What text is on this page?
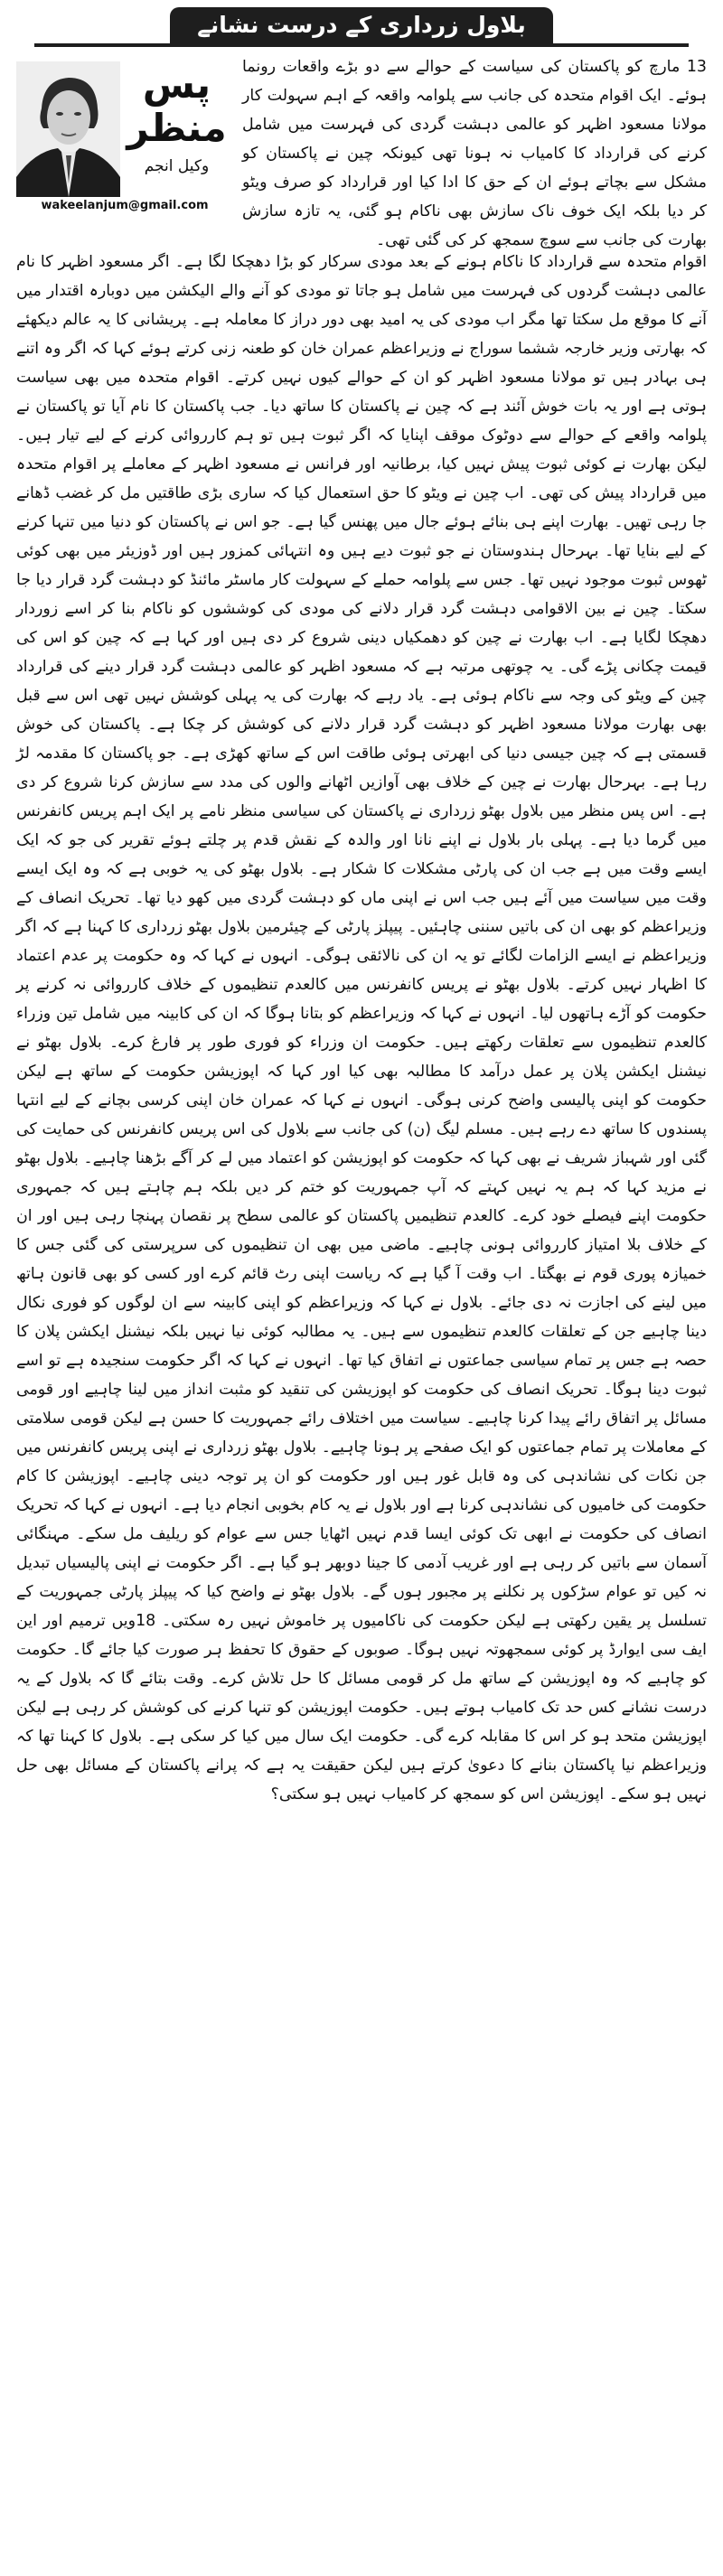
بلاول زرداری کے درست نشانے
پس منظر
وکیل انجم
wakeelanjum@gmail.com

13 مارچ کو پاکستان کی سیاست کے حوالے سے دو بڑے واقعات رونما ہوئے۔ ایک اقوام متحدہ کی جانب سے پلوامہ واقعہ کے اہم سہولت کار مولانا مسعود اظہر کو عالمی دہشت گردی کی فہرست میں شامل کرنے کی قرارداد کا کامیاب نہ ہونا تھی کیونکہ چین نے پاکستان کو مشکل سے بچاتے ہوئے ان کے حق کا ادا کیا اور قرارداد کو صرف ویٹو کر دیا بلکہ ایک خوف ناک سازش بھی ناکام ہو گئی، یہ تازہ سازش بھارت کی جانب سے سوچ سمجھ کر کی گئی تھی۔

اقوام متحدہ سے قرارداد کا ناکام ہونے کے بعد مودی سرکار کو بڑا دھچکا لگا ہے۔ اگر مسعود اظہر کا نام عالمی دہشت گردوں کی فہرست میں شامل ہو جاتا تو مودی کو آنے والے الیکشن میں دوبارہ اقتدار میں آنے کا موقع مل سکتا تھا مگر اب مودی کی یہ امید بھی دور دراز کا معاملہ ہے۔ پریشانی کا یہ عالم دیکھئے کہ بھارتی وزیر خارجہ ششما سوراج نے وزیراعظم عمران خان کو طعنہ زنی کرتے ہوئے کہا کہ اگر وہ اتنے ہی بہادر ہیں تو مولانا مسعود اظہر کو ان کے حوالے کیوں نہیں کرتے۔ اقوام متحدہ میں بھی سیاست ہوتی ہے اور یہ بات خوش آئند ہے کہ چین نے پاکستان کا ساتھ دیا۔ جب پاکستان کا نام آیا تو پاکستان نے پلوامہ واقعے کے حوالے سے دوٹوک موقف اپنایا کہ اگر ثبوت ہیں تو ہم کارروائی کرنے کے لیے تیار ہیں۔ لیکن بھارت نے کوئی ثبوت پیش نہیں کیا، برطانیہ اور فرانس نے مسعود اظہر کے معاملے پر اقوام متحدہ میں قرارداد پیش کی تھی۔ اب چین نے ویٹو کا حق استعمال کیا کہ ساری بڑی طاقتیں مل کر غضب ڈھانے جا رہی تھیں۔ بھارت اپنے ہی بنائے ہوئے جال میں پھنس گیا ہے۔ جو اس نے پاکستان کو دنیا میں تنہا کرنے کے لیے بنایا تھا۔ بہرحال ہندوستان نے جو ثبوت دیے ہیں وہ انتہائی کمزور ہیں اور ڈوزیئر میں بھی کوئی ٹھوس ثبوت موجود نہیں تھا۔ جس سے پلوامہ حملے کے سہولت کار ماسٹر مائنڈ کو دہشت گرد قرار دیا جا سکتا۔ چین نے بین الاقوامی دہشت گرد قرار دلانے کی مودی کی کوششوں کو ناکام بنا کر اسے زوردار دھچکا لگایا ہے۔ اب بھارت نے چین کو دھمکیاں دینی شروع کر دی ہیں اور کہا ہے کہ چین کو اس کی قیمت چکانی پڑے گی۔ یہ چوتھی مرتبہ ہے کہ مسعود اظہر کو عالمی دہشت گرد قرار دینے کی قرارداد چین کے ویٹو کی وجہ سے ناکام ہوئی ہے۔ یاد رہے کہ بھارت کی یہ پہلی کوشش نہیں تھی اس سے قبل بھی بھارت مولانا مسعود اظہر کو دہشت گرد قرار دلانے کی کوشش کر چکا ہے۔ پاکستان کی خوش قسمتی ہے کہ چین جیسی دنیا کی ابھرتی ہوئی طاقت اس کے ساتھ کھڑی ہے۔ جو پاکستان کا مقدمہ لڑ رہا ہے۔ بہرحال بھارت نے چین کے خلاف بھی آوازیں اٹھانے والوں کی مدد سے سازش کرنا شروع کر دی ہے۔ اس پس منظر میں بلاول بھٹو زرداری نے پاکستان کی سیاسی منظر نامے پر ایک اہم پریس کانفرنس میں گرما دیا ہے۔ پہلی بار بلاول نے اپنے نانا اور والدہ کے نقش قدم پر چلتے ہوئے تقریر کی جو کہ ایک ایسے وقت میں ہے جب ان کی پارٹی مشکلات کا شکار ہے۔ بلاول بھٹو کی یہ خوبی ہے کہ وہ ایک ایسے وقت میں سیاست میں آئے ہیں جب اس نے اپنی ماں کو دہشت گردی میں کھو دیا تھا۔ تحریک انصاف کے وزیراعظم کو بھی ان کی باتیں سننی چاہئیں۔ پیپلز پارٹی کے چیئرمین بلاول بھٹو زرداری کا کہنا ہے کہ اگر وزیراعظم نے ایسے الزامات لگائے تو یہ ان کی نالائقی ہوگی۔ انہوں نے کہا کہ وہ حکومت پر عدم اعتماد کا اظہار نہیں کرتے۔ بلاول بھٹو نے پریس کانفرنس میں کالعدم تنظیموں کے خلاف کارروائی نہ کرنے پر حکومت کو آڑے ہاتھوں لیا۔ انہوں نے کہا کہ وزیراعظم کو بتانا ہوگا کہ ان کی کابینہ میں شامل تین وزراء کالعدم تنظیموں سے تعلقات رکھتے ہیں۔ حکومت ان وزراء کو فوری طور پر فارغ کرے۔ بلاول بھٹو نے نیشنل ایکشن پلان پر عمل درآمد کا مطالبہ بھی کیا اور کہا کہ اپوزیشن حکومت کے ساتھ ہے لیکن حکومت کو اپنی پالیسی واضح کرنی ہوگی۔ انہوں نے کہا کہ عمران خان اپنی کرسی بچانے کے لیے انتہا پسندوں کا ساتھ دے رہے ہیں۔ مسلم لیگ (ن) کی جانب سے بلاول کی اس پریس کانفرنس کی حمایت کی گئی اور شہباز شریف نے بھی کہا کہ حکومت کو اپوزیشن کو اعتماد میں لے کر آگے بڑھنا چاہیے۔ بلاول بھٹو نے مزید کہا کہ ہم یہ نہیں کہتے کہ آپ جمہوریت کو ختم کر دیں بلکہ ہم چاہتے ہیں کہ جمہوری حکومت اپنے فیصلے خود کرے۔ کالعدم تنظیمیں پاکستان کو عالمی سطح پر نقصان پہنچا رہی ہیں اور ان کے خلاف بلا امتیاز کارروائی ہونی چاہیے۔ ماضی میں بھی ان تنظیموں کی سرپرستی کی گئی جس کا خمیازہ پوری قوم نے بھگتا۔ اب وقت آ گیا ہے کہ ریاست اپنی رٹ قائم کرے اور کسی کو بھی قانون ہاتھ میں لینے کی اجازت نہ دی جائے۔ بلاول نے کہا کہ وزیراعظم کو اپنی کابینہ سے ان لوگوں کو فوری نکال دینا چاہیے جن کے تعلقات کالعدم تنظیموں سے ہیں۔ یہ مطالبہ کوئی نیا نہیں بلکہ نیشنل ایکشن پلان کا حصہ ہے جس پر تمام سیاسی جماعتوں نے اتفاق کیا تھا۔ انہوں نے کہا کہ اگر حکومت سنجیدہ ہے تو اسے ثبوت دینا ہوگا۔ تحریک انصاف کی حکومت کو اپوزیشن کی تنقید کو مثبت انداز میں لینا چاہیے اور قومی مسائل پر اتفاق رائے پیدا کرنا چاہیے۔ سیاست میں اختلاف رائے جمہوریت کا حسن ہے لیکن قومی سلامتی کے معاملات پر تمام جماعتوں کو ایک صفحے پر ہونا چاہیے۔ بلاول بھٹو زرداری نے اپنی پریس کانفرنس میں جن نکات کی نشاندہی کی وہ قابل غور ہیں اور حکومت کو ان پر توجہ دینی چاہیے۔ اپوزیشن کا کام حکومت کی خامیوں کی نشاندہی کرنا ہے اور بلاول نے یہ کام بخوبی انجام دیا ہے۔ انہوں نے کہا کہ تحریک انصاف کی حکومت نے ابھی تک کوئی ایسا قدم نہیں اٹھایا جس سے عوام کو ریلیف مل سکے۔ مہنگائی آسمان سے باتیں کر رہی ہے اور غریب آدمی کا جینا دوبھر ہو گیا ہے۔ اگر حکومت نے اپنی پالیسیاں تبدیل نہ کیں تو عوام سڑکوں پر نکلنے پر مجبور ہوں گے۔ بلاول بھٹو نے واضح کیا کہ پیپلز پارٹی جمہوریت کے تسلسل پر یقین رکھتی ہے لیکن حکومت کی ناکامیوں پر خاموش نہیں رہ سکتی۔ 18ویں ترمیم اور این ایف سی ایوارڈ پر کوئی سمجھوتہ نہیں ہوگا۔ صوبوں کے حقوق کا تحفظ ہر صورت کیا جائے گا۔ حکومت کو چاہیے کہ وہ اپوزیشن کے ساتھ مل کر قومی مسائل کا حل تلاش کرے۔ وقت بتائے گا کہ بلاول کے یہ درست نشانے کس حد تک کامیاب ہوتے ہیں۔ حکومت اپوزیشن کو تنہا کرنے کی کوشش کر رہی ہے لیکن اپوزیشن متحد ہو کر اس کا مقابلہ کرے گی۔ حکومت ایک سال میں کیا کر سکی ہے۔ بلاول کا کہنا تھا کہ وزیراعظم نیا پاکستان بنانے کا دعویٰ کرتے ہیں لیکن حقیقت یہ ہے کہ پرانے پاکستان کے مسائل بھی حل نہیں ہو سکے۔ اپوزیشن اس کو سمجھ کر کامیاب نہیں ہو سکتی؟
